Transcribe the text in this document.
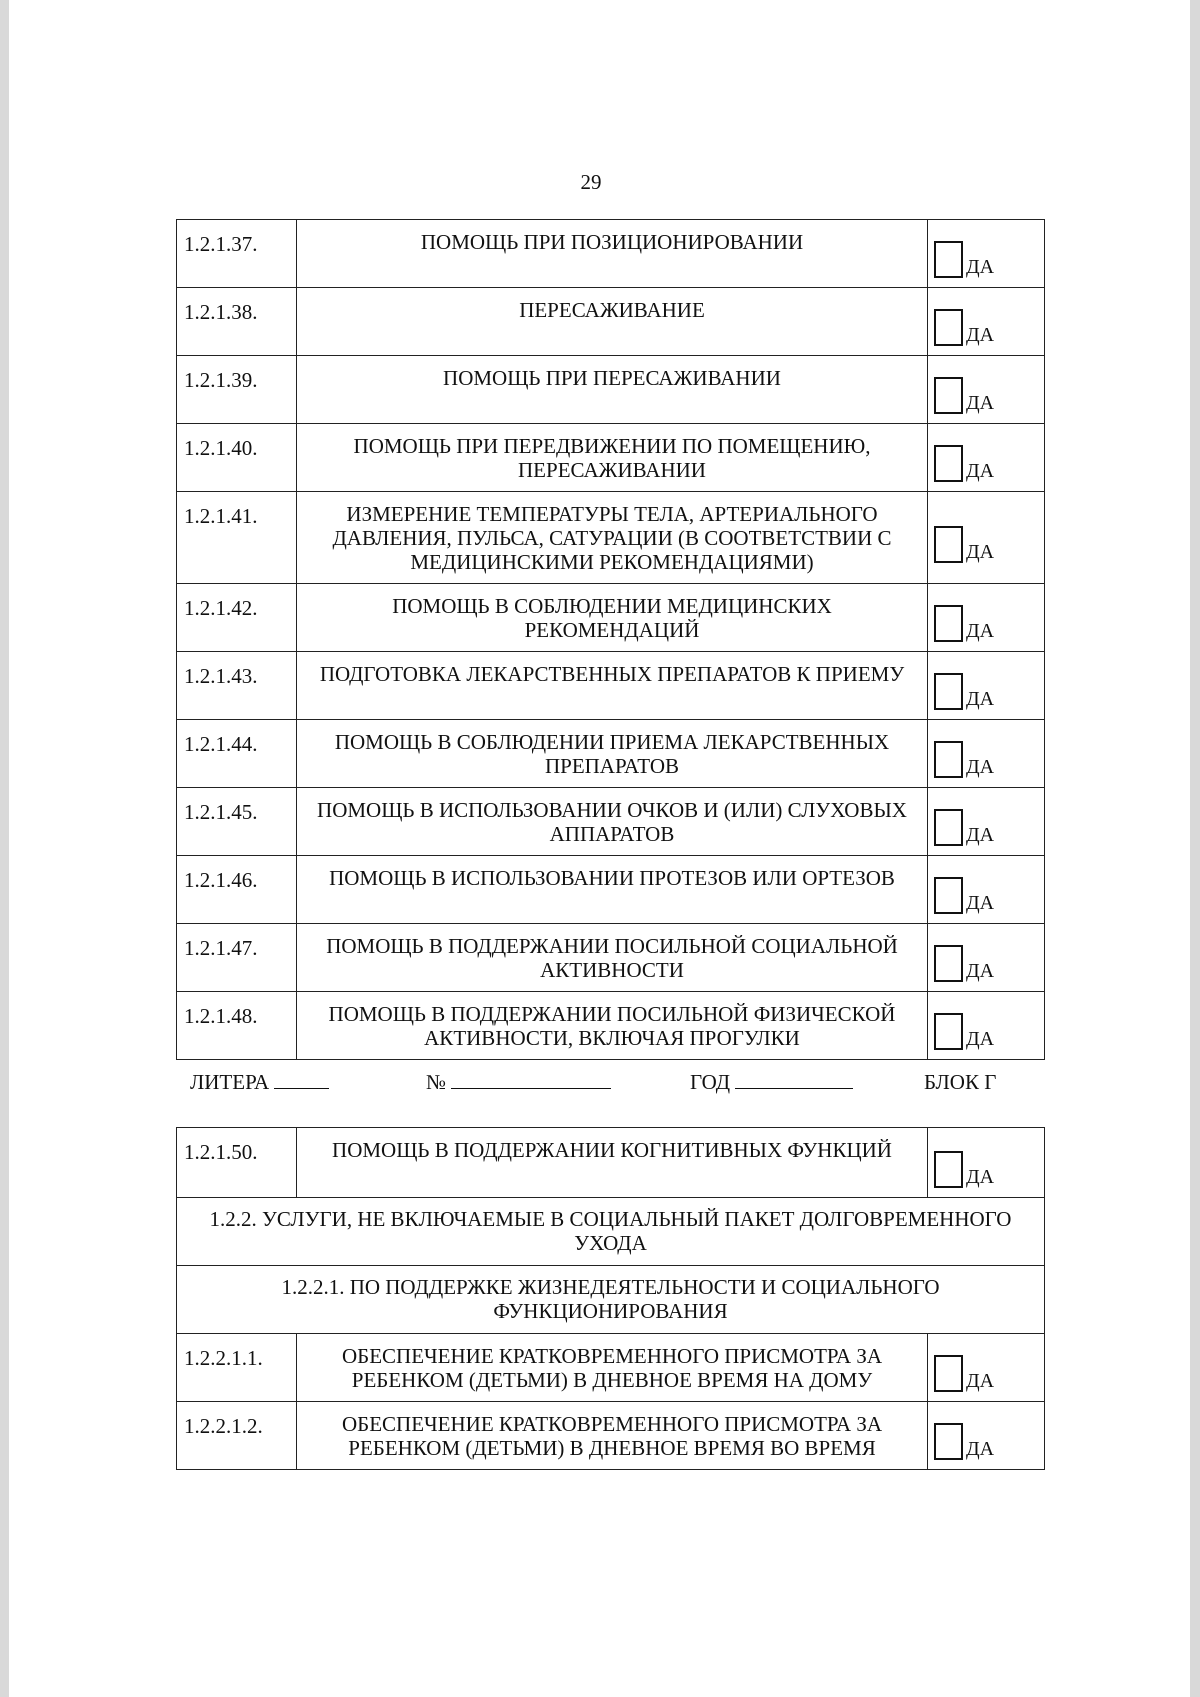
29
1.2.1.37.	ПОМОЩЬ ПРИ ПОЗИЦИОНИРОВАНИИ	ДА

1.2.1.38.	ПЕРЕСАЖИВАНИЕ	ДА

1.2.1.39.	ПОМОЩЬ ПРИ ПЕРЕСАЖИВАНИИ	ДА

1.2.1.40.	ПОМОЩЬ ПРИ ПЕРЕДВИЖЕНИИ ПО ПОМЕЩЕНИЮ, ПЕРЕСАЖИВАНИИ	ДА

1.2.1.41.	ИЗМЕРЕНИЕ ТЕМПЕРАТУРЫ ТЕЛА, АРТЕРИАЛЬНОГО ДАВЛЕНИЯ, ПУЛЬСА, САТУРАЦИИ (В СООТВЕТСТВИИ С МЕДИЦИНСКИМИ РЕКОМЕНДАЦИЯМИ)	ДА

1.2.1.42.	ПОМОЩЬ В СОБЛЮДЕНИИ МЕДИЦИНСКИХ РЕКОМЕНДАЦИЙ	ДА

1.2.1.43.	ПОДГОТОВКА ЛЕКАРСТВЕННЫХ ПРЕПАРАТОВ К ПРИЕМУ	ДА

1.2.1.44.	ПОМОЩЬ В СОБЛЮДЕНИИ ПРИЕМА ЛЕКАРСТВЕННЫХ ПРЕПАРАТОВ	ДА

1.2.1.45.	ПОМОЩЬ В ИСПОЛЬЗОВАНИИ ОЧКОВ И (ИЛИ) СЛУХОВЫХ АППАРАТОВ	ДА

1.2.1.46.	ПОМОЩЬ В ИСПОЛЬЗОВАНИИ ПРОТЕЗОВ ИЛИ ОРТЕЗОВ	ДА

1.2.1.47.	ПОМОЩЬ В ПОДДЕРЖАНИИ ПОСИЛЬНОЙ СОЦИАЛЬНОЙ АКТИВНОСТИ	ДА

1.2.1.48.	ПОМОЩЬ В ПОДДЕРЖАНИИ ПОСИЛЬНОЙ ФИЗИЧЕСКОЙ АКТИВНОСТИ, ВКЛЮЧАЯ ПРОГУЛКИ	ДА
ЛИТЕРА	№	ГОД	БЛОК Г
1.2.1.50.	ПОМОЩЬ В ПОДДЕРЖАНИИ КОГНИТИВНЫХ ФУНКЦИЙ	ДА

1.2.2. УСЛУГИ, НЕ ВКЛЮЧАЕМЫЕ В СОЦИАЛЬНЫЙ ПАКЕТ ДОЛГОВРЕМЕННОГО УХОДА		
1.2.2.1. ПО ПОДДЕРЖКЕ ЖИЗНЕДЕЯТЕЛЬНОСТИ И СОЦИАЛЬНОГО ФУНКЦИОНИРОВАНИЯ		
1.2.2.1.1.	ОБЕСПЕЧЕНИЕ КРАТКОВРЕМЕННОГО ПРИСМОТРА ЗА РЕБЕНКОМ (ДЕТЬМИ) В ДНЕВНОЕ ВРЕМЯ НА ДОМУ	ДА

1.2.2.1.2.	ОБЕСПЕЧЕНИЕ КРАТКОВРЕМЕННОГО ПРИСМОТРА ЗА РЕБЕНКОМ (ДЕТЬМИ) В ДНЕВНОЕ ВРЕМЯ ВО ВРЕМЯ	ДА
